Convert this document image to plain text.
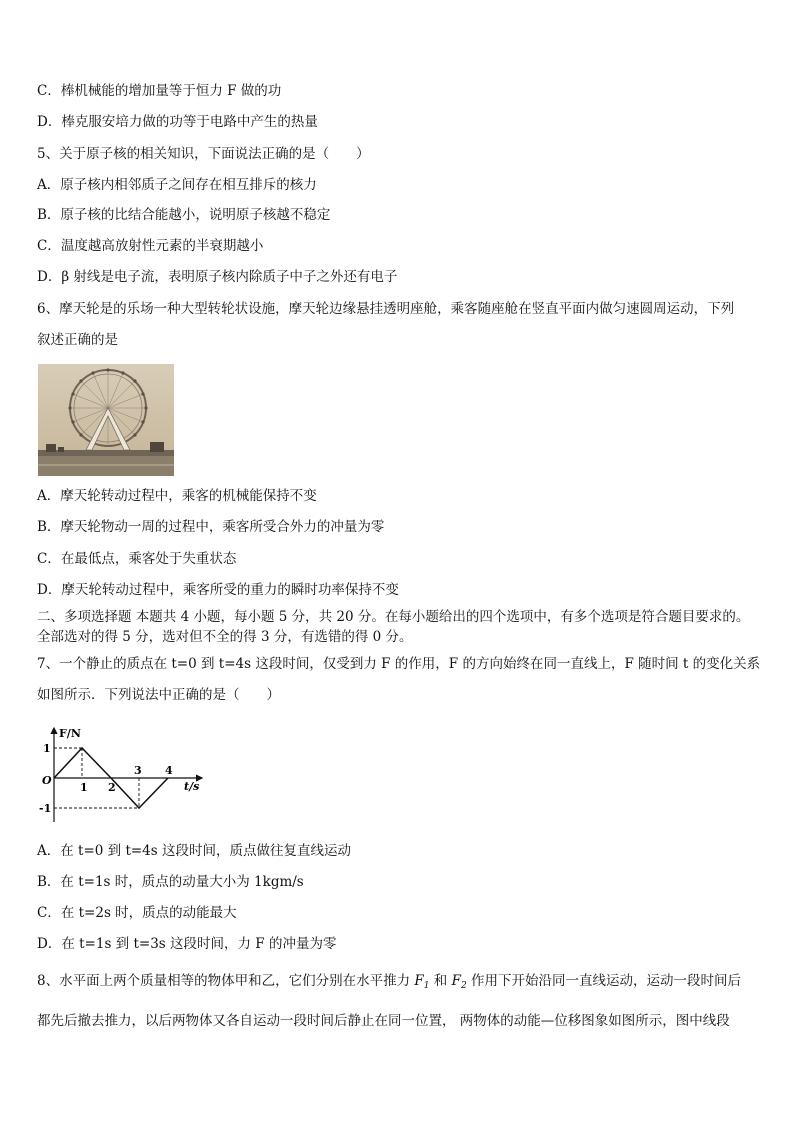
C．棒机械能的增加量等于恒力 F 做的功
D．棒克服安培力做的功等于电路中产生的热量
5、关于原子核的相关知识，下面说法正确的是（　　）
A．原子核内相邻质子之间存在相互排斥的核力
B．原子核的比结合能越小，说明原子核越不稳定
C．温度越高放射性元素的半衰期越小
D．β 射线是电子流，表明原子核内除质子中子之外还有电子
6、摩天轮是的乐场一种大型转轮状设施，摩天轮边缘悬挂透明座舱，乘客随座舱在竖直平面内做匀速圆周运动，下列
叙述正确的是
A．摩天轮转动过程中，乘客的机械能保持不变
B．摩天轮物动一周的过程中，乘客所受合外力的冲量为零
C．在最低点，乘客处于失重状态
D．摩天轮转动过程中，乘客所受的重力的瞬时功率保持不变
二、多项选择题 本题共 4 小题，每小题 5 分，共 20 分。在每小题给出的四个选项中，有多个选项是符合题目要求的。
全部选对的得 5 分，选对但不全的得 3 分，有选错的得 0 分。
7、一个静止的质点在 t=0 到 t=4s 这段时间，仅受到力 F 的作用，F 的方向始终在同一直线上，F 随时间 t 的变化关系
如图所示．下列说法中正确的是（　　）
F/N
t/s
O
1
-1
1 2
3 4
A．在 t=0 到 t=4s 这段时间，质点做往复直线运动
B．在 t=1s 时，质点的动量大小为 1kgm/s
C．在 t=2s 时，质点的动能最大
D．在 t=1s 到 t=3s 这段时间，力 F 的冲量为零
8、水平面上两个质量相等的物体甲和乙，它们分别在水平推力 $F_1$ 和 $F_2$ 作用下开始沿同一直线运动，运动一段时间后
都先后撤去推力，以后两物体又各自运动一段时间后静止在同一位置， 两物体的动能—位移图象如图所示，图中线段
